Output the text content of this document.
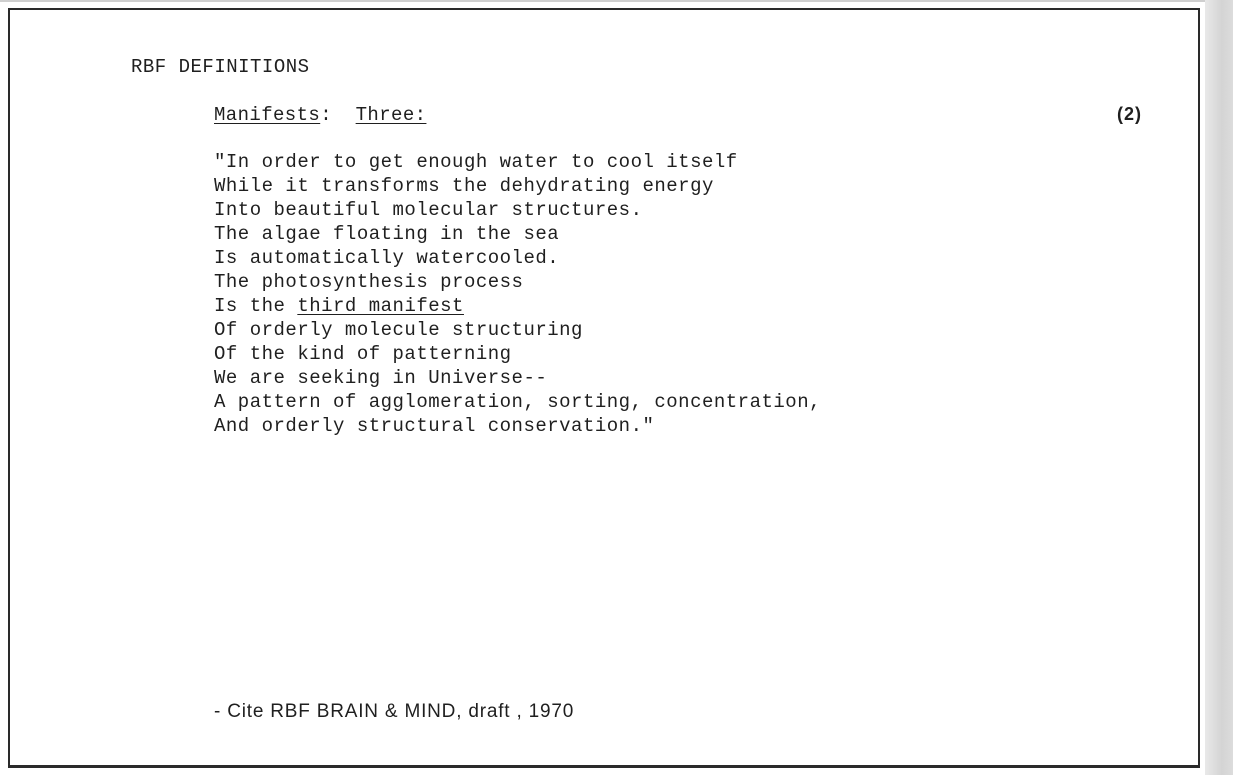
RBF DEFINITIONS
Manifests:  Three:	(2)
"In order to get enough water to cool itself
While it transforms the dehydrating energy
Into beautiful molecular structures.
The algae floating in the sea
Is automatically watercooled.
The photosynthesis process
Is the third manifest
Of orderly molecule structuring
Of the kind of patterning
We are seeking in Universe--
A pattern of agglomeration, sorting, concentration,
And orderly structural conservation."
- Cite RBF BRAIN & MIND, draft , 1970
